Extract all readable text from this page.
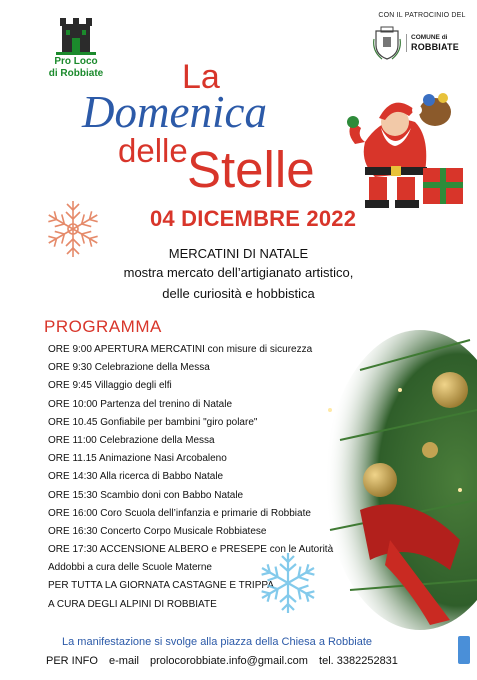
Pro Loco
di Robbiate
CON IL PATROCINIO DEL
COMUNE di
ROBBIATE
La
Domenica
delle Stelle
04 DICEMBRE 2022
MERCATINI DI NATALE
mostra mercato dell’artigianato artistico,
delle curiosità e hobbistica
PROGRAMMA
ORE 9:00 APERTURA MERCATINI con misure di sicurezza
ORE 9:30 Celebrazione della Messa
ORE 9:45 Villaggio degli elfi
ORE 10:00 Partenza del trenino di Natale
ORE 10.45 Gonfiabile per bambini "giro polare"
ORE 11:00 Celebrazione della Messa
ORE 11.15 Animazione Nasi Arcobaleno
ORE 14:30 Alla ricerca di Babbo Natale
ORE 15:30 Scambio doni con Babbo Natale
ORE 16:00 Coro Scuola dell’infanzia e primarie di Robbiate
ORE 16:30 Concerto Corpo Musicale Robbiatese
ORE 17:30 ACCENSIONE ALBERO e PRESEPE con le Autorità
Addobbi a cura delle Scuole Materne
PER TUTTA LA GIORNATA CASTAGNE E TRIPPA
A CURA DEGLI ALPINI DI ROBBIATE
La manifestazione si svolge alla piazza della Chiesa a Robbiate
PER INFO e-mail prolocorobbiate.info@gmail.com tel. 3382252831
